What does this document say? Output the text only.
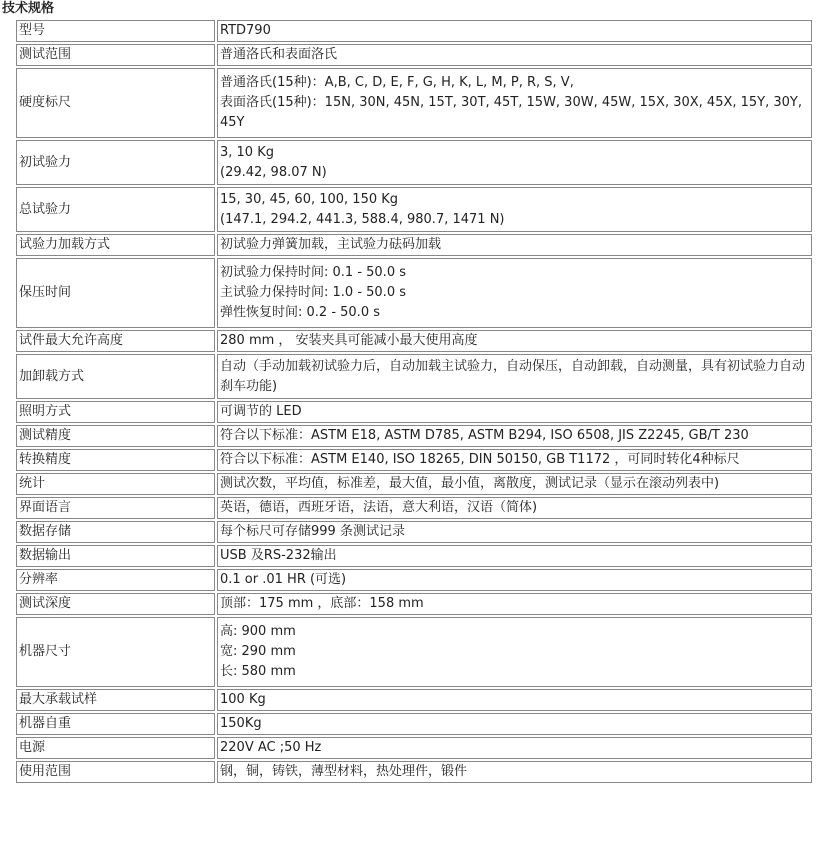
技术规格
型号	RTD790

测试范围	普通洛氏和表面洛氏

硬度标尺	普通洛氏(15种)：A,B, C, D, E, F, G, H, K, L, M, P, R, S, V,
表面洛氏(15种)：15N, 30N, 45N, 15T, 30T, 45T, 15W, 30W, 45W, 15X, 30X, 45X, 15Y, 30Y, 45Y

初试验力	3, 10 Kg
(29.42, 98.07 N)

总试验力	15, 30, 45, 60, 100, 150 Kg
(147.1, 294.2, 441.3, 588.4, 980.7, 1471 N)

试验力加载方式	初试验力弹簧加载，主试验力砝码加载

保压时间	初试验力保持时间: 0.1 - 50.0 s
主试验力保持时间: 1.0 - 50.0 s
弹性恢复时间: 0.2 - 50.0 s

试件最大允许高度	280 mm ， 安装夹具可能减小最大使用高度

加卸载方式	自动（手动加载初试验力后，自动加载主试验力，自动保压，自动卸载，自动测量，具有初试验力自动刹车功能)

照明方式	可调节的 LED

测试精度	符合以下标准：ASTM E18, ASTM D785, ASTM B294, ISO 6508, JIS Z2245, GB/T 230

转换精度	符合以下标准：ASTM E140, ISO 18265, DIN 50150, GB T1172 ，可同时转化4种标尺

统计	测试次数，平均值，标准差，最大值，最小值，离散度，测试记录（显示在滚动列表中)

界面语言	英语，德语，西班牙语，法语，意大利语，汉语（简体)

数据存储	每个标尺可存储999 条测试记录

数据输出	USB 及RS-232输出

分辨率	0.1 or .01 HR (可选)

测试深度	顶部：175 mm ，底部：158 mm

机器尺寸	高: 900 mm
宽: 290 mm
长: 580 mm

最大承载试样	100 Kg

机器自重	150Kg

电源	220V AC ;50 Hz

使用范围	钢，铜，铸铁，薄型材料，热处理件，锻件
